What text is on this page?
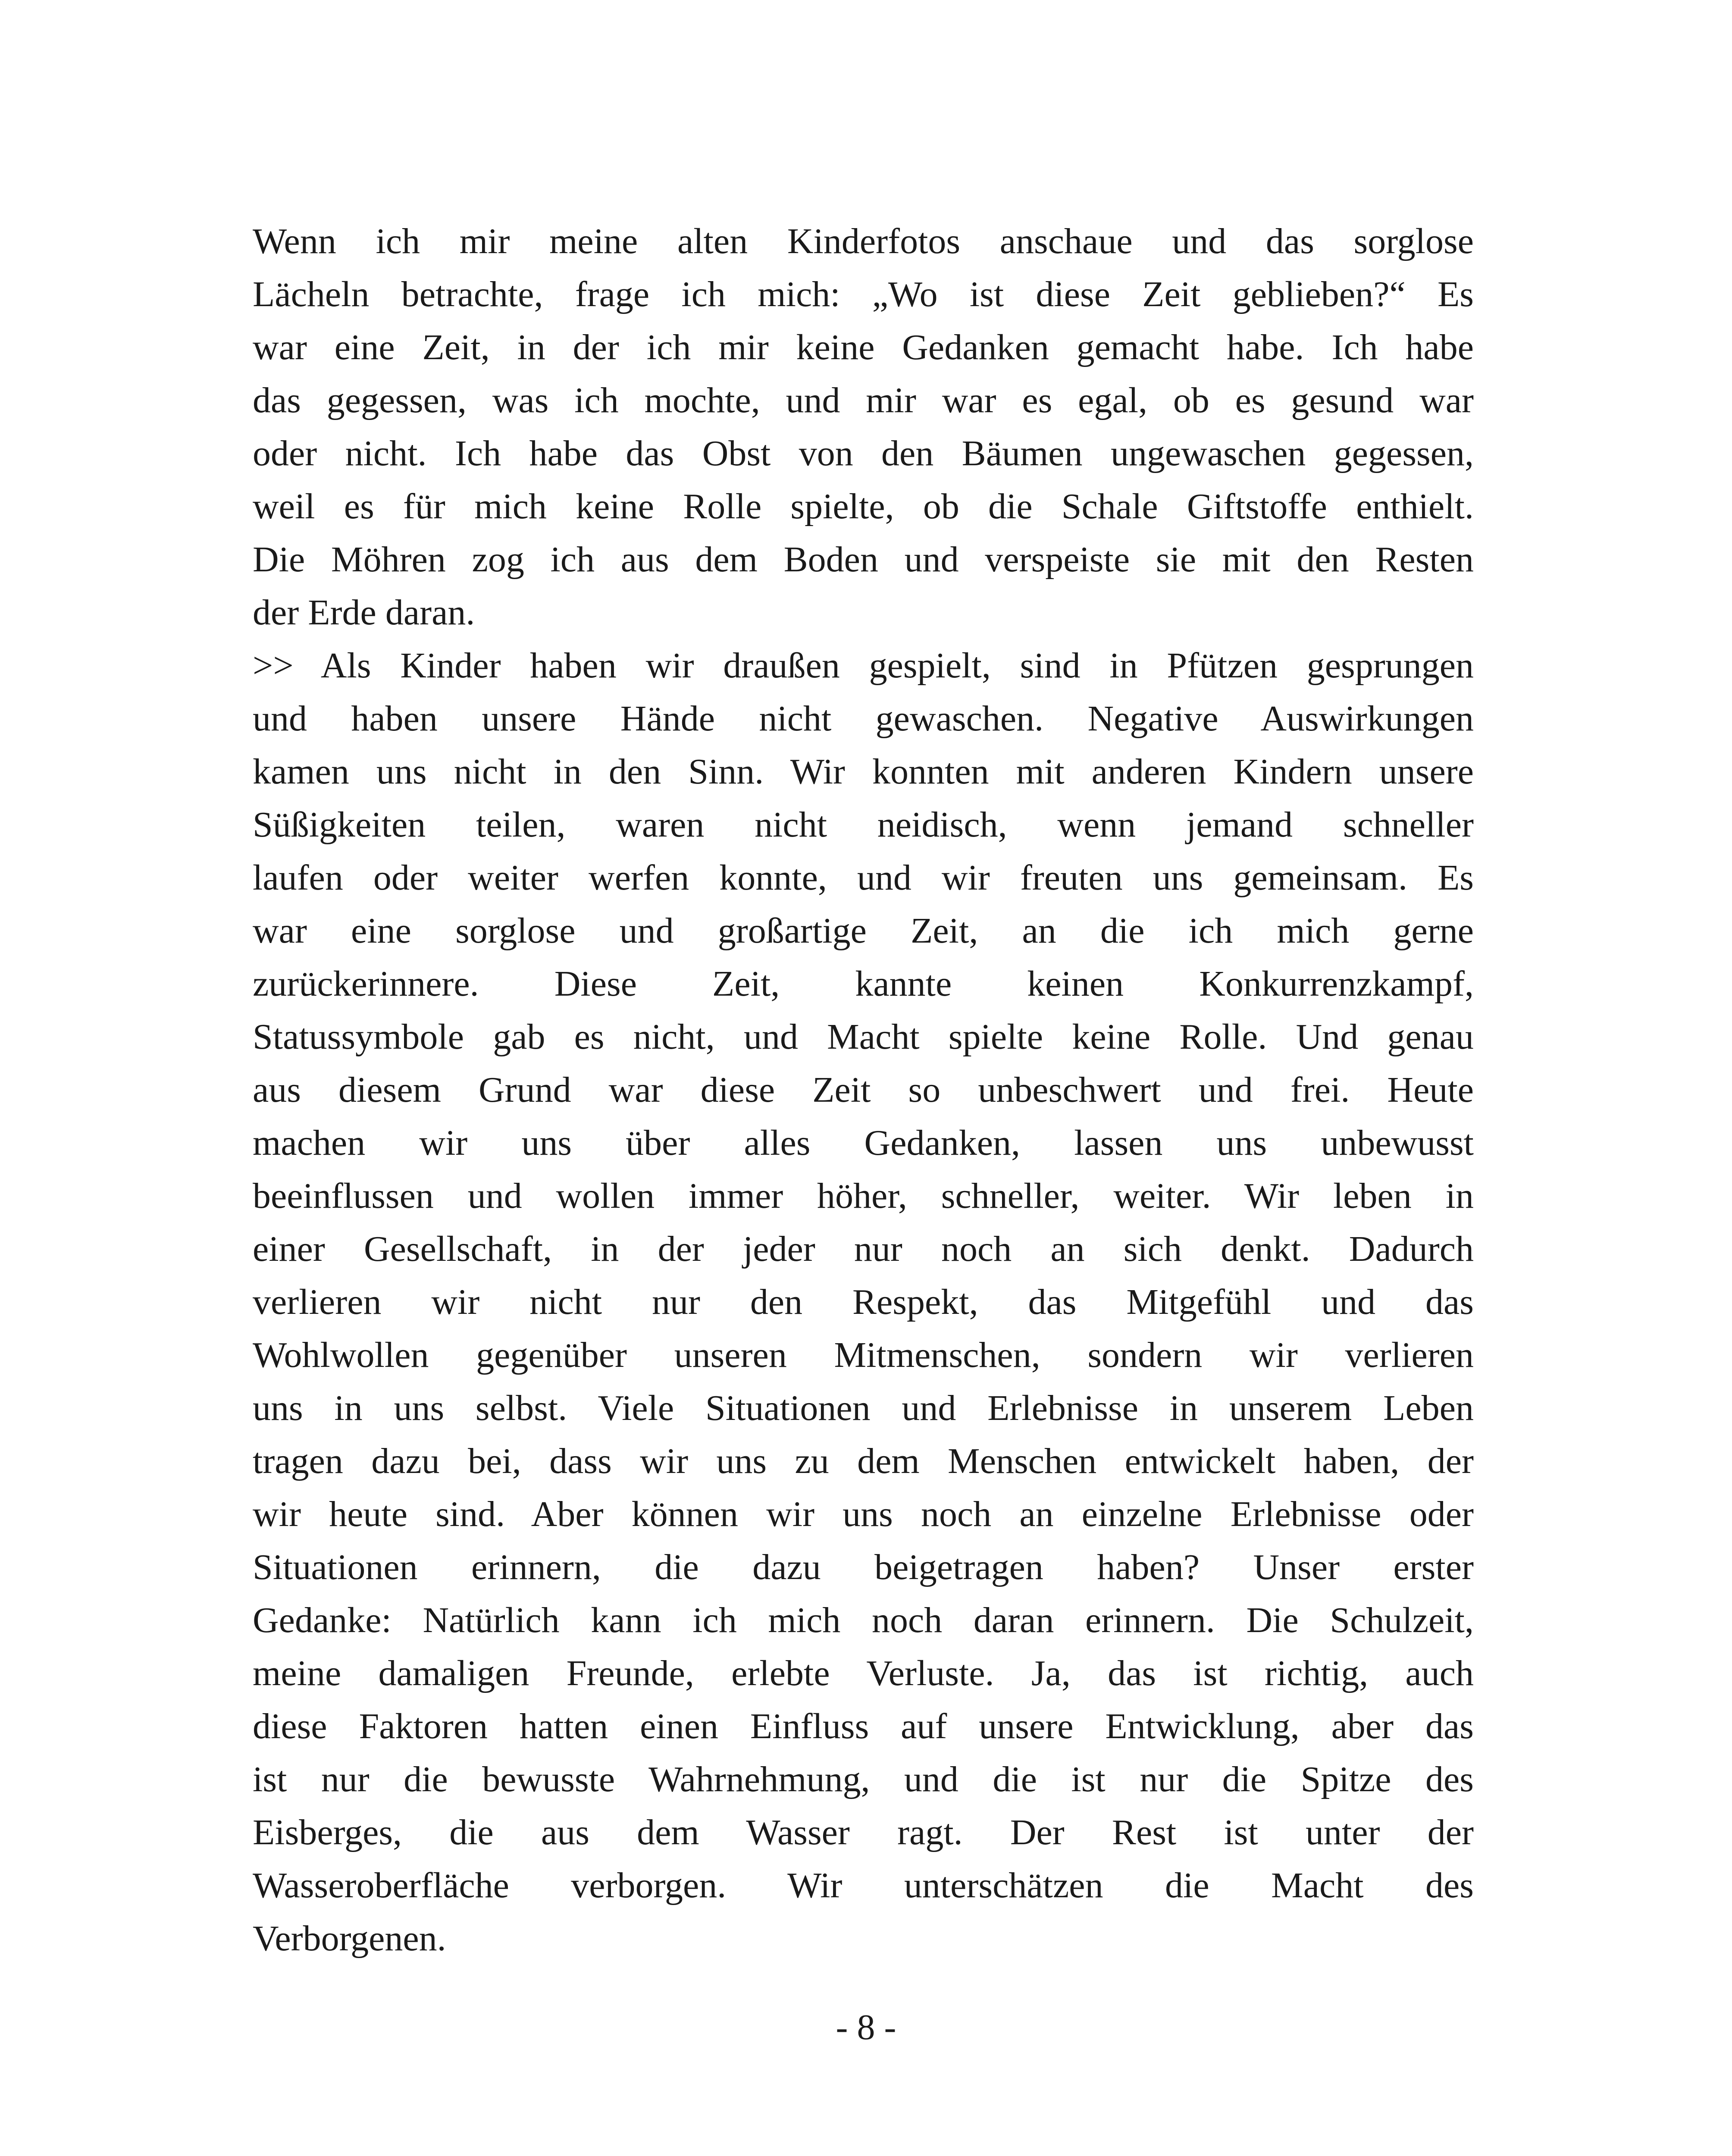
Wenn ich mir meine alten Kinderfotos anschaue und das sorglose
Lächeln betrachte, frage ich mich: „Wo ist diese Zeit geblieben?“ Es
war eine Zeit, in der ich mir keine Gedanken gemacht habe. Ich habe
das gegessen, was ich mochte, und mir war es egal, ob es gesund war
oder nicht. Ich habe das Obst von den Bäumen ungewaschen gegessen,
weil es für mich keine Rolle spielte, ob die Schale Giftstoffe enthielt.
Die Möhren zog ich aus dem Boden und verspeiste sie mit den Resten
der Erde daran.
>> Als Kinder haben wir draußen gespielt, sind in Pfützen gesprungen
und haben unsere Hände nicht gewaschen. Negative Auswirkungen
kamen uns nicht in den Sinn. Wir konnten mit anderen Kindern unsere
Süßigkeiten teilen, waren nicht neidisch, wenn jemand schneller
laufen oder weiter werfen konnte, und wir freuten uns gemeinsam. Es
war eine sorglose und großartige Zeit, an die ich mich gerne
zurückerinnere. Diese Zeit, kannte keinen Konkurrenzkampf,
Statussymbole gab es nicht, und Macht spielte keine Rolle. Und genau
aus diesem Grund war diese Zeit so unbeschwert und frei. Heute
machen wir uns über alles Gedanken, lassen uns unbewusst
beeinflussen und wollen immer höher, schneller, weiter. Wir leben in
einer Gesellschaft, in der jeder nur noch an sich denkt. Dadurch
verlieren wir nicht nur den Respekt, das Mitgefühl und das
Wohlwollen gegenüber unseren Mitmenschen, sondern wir verlieren
uns in uns selbst. Viele Situationen und Erlebnisse in unserem Leben
tragen dazu bei, dass wir uns zu dem Menschen entwickelt haben, der
wir heute sind. Aber können wir uns noch an einzelne Erlebnisse oder
Situationen erinnern, die dazu beigetragen haben? Unser erster
Gedanke: Natürlich kann ich mich noch daran erinnern. Die Schulzeit,
meine damaligen Freunde, erlebte Verluste. Ja, das ist richtig, auch
diese Faktoren hatten einen Einfluss auf unsere Entwicklung, aber das
ist nur die bewusste Wahrnehmung, und die ist nur die Spitze des
Eisberges, die aus dem Wasser ragt. Der Rest ist unter der
Wasseroberfläche verborgen. Wir unterschätzen die Macht des
Verborgenen.
- 8 -
